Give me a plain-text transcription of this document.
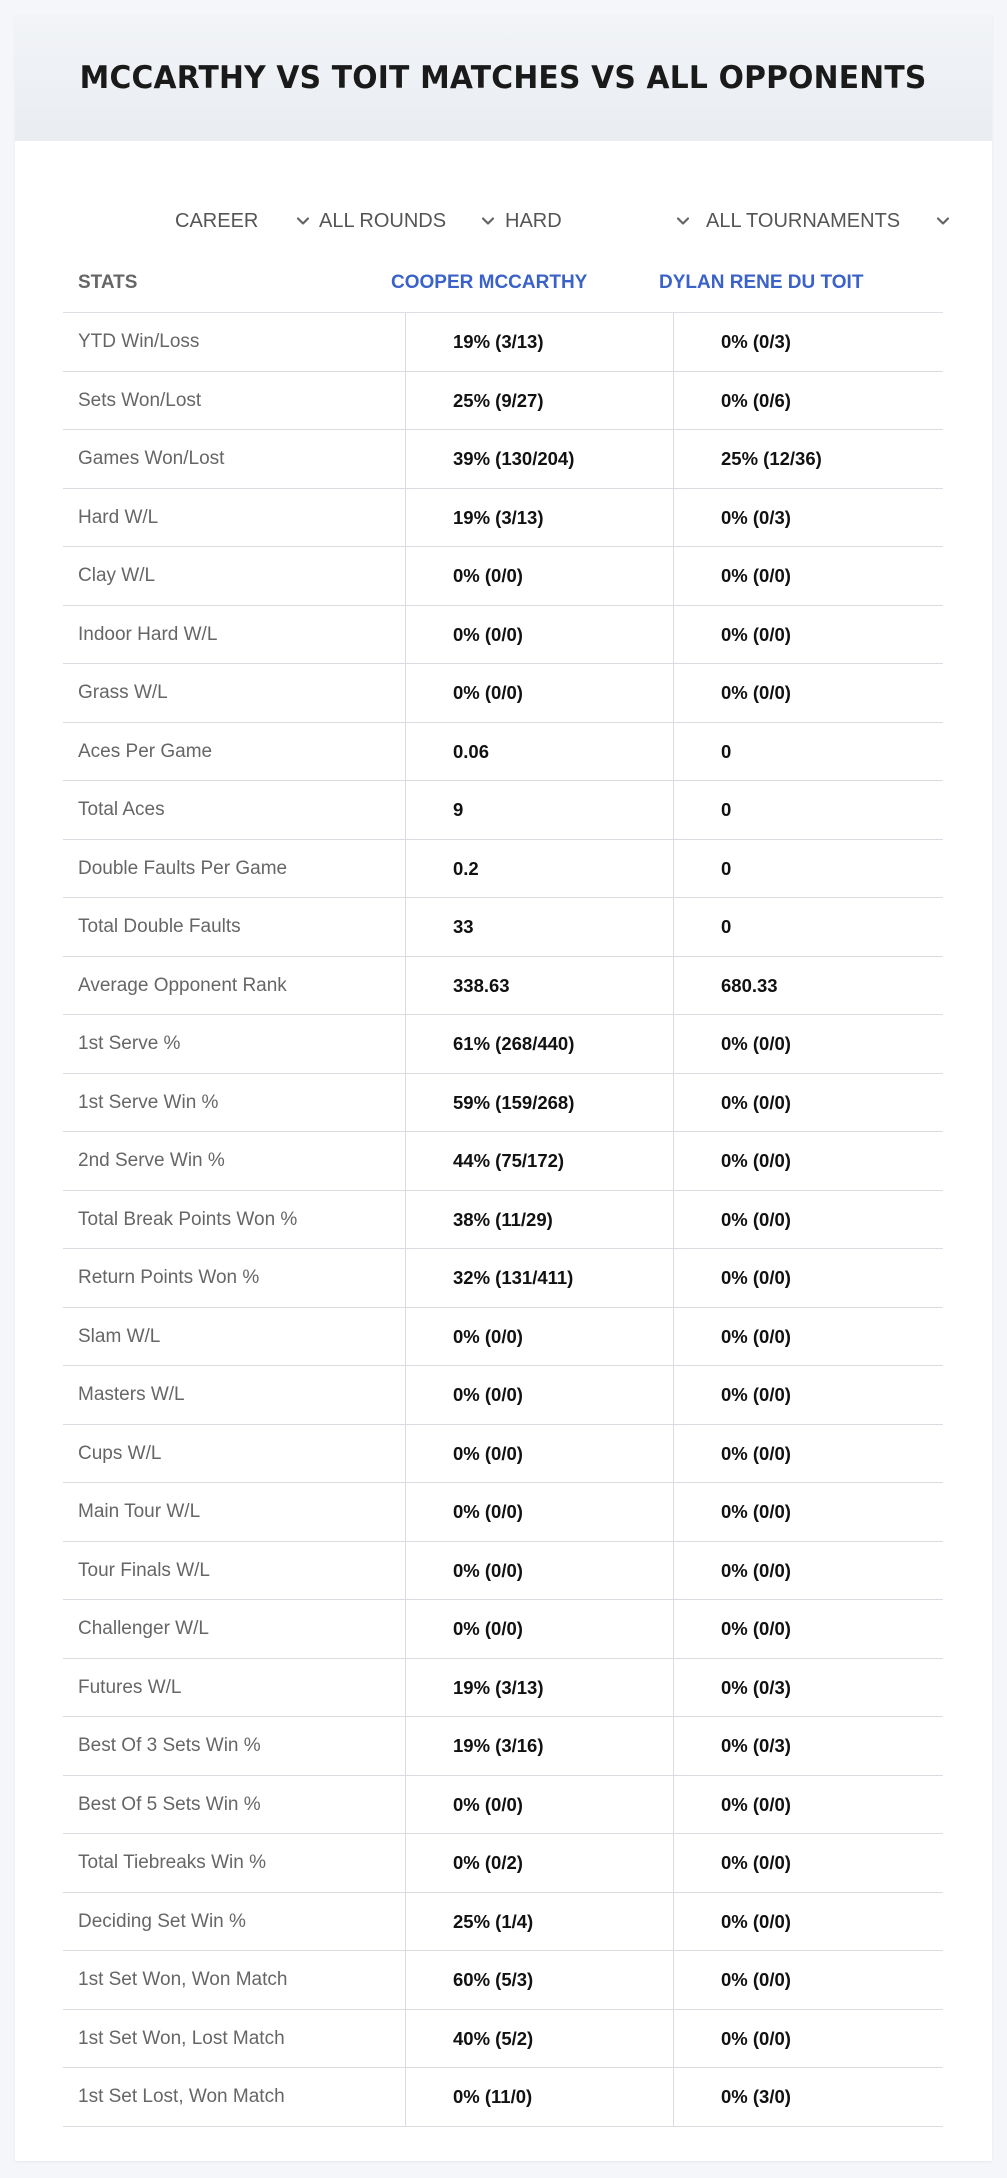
MCCARTHY VS TOIT MATCHES VS ALL OPPONENTS
CAREER	ALL ROUNDS	HARD	ALL TOURNAMENTS
STATS	COOPER MCCARTHY	DYLAN RENE DU TOIT
YTD Win/Loss	19% (3/13)	0% (0/3)
Sets Won/Lost	25% (9/27)	0% (0/6)
Games Won/Lost	39% (130/204)	25% (12/36)
Hard W/L	19% (3/13)	0% (0/3)
Clay W/L	0% (0/0)	0% (0/0)
Indoor Hard W/L	0% (0/0)	0% (0/0)
Grass W/L	0% (0/0)	0% (0/0)
Aces Per Game	0.06	0
Total Aces	9	0
Double Faults Per Game	0.2	0
Total Double Faults	33	0
Average Opponent Rank	338.63	680.33
1st Serve %	61% (268/440)	0% (0/0)
1st Serve Win %	59% (159/268)	0% (0/0)
2nd Serve Win %	44% (75/172)	0% (0/0)
Total Break Points Won %	38% (11/29)	0% (0/0)
Return Points Won %	32% (131/411)	0% (0/0)
Slam W/L	0% (0/0)	0% (0/0)
Masters W/L	0% (0/0)	0% (0/0)
Cups W/L	0% (0/0)	0% (0/0)
Main Tour W/L	0% (0/0)	0% (0/0)
Tour Finals W/L	0% (0/0)	0% (0/0)
Challenger W/L	0% (0/0)	0% (0/0)
Futures W/L	19% (3/13)	0% (0/3)
Best Of 3 Sets Win %	19% (3/16)	0% (0/3)
Best Of 5 Sets Win %	0% (0/0)	0% (0/0)
Total Tiebreaks Win %	0% (0/2)	0% (0/0)
Deciding Set Win %	25% (1/4)	0% (0/0)
1st Set Won, Won Match	60% (5/3)	0% (0/0)
1st Set Won, Lost Match	40% (5/2)	0% (0/0)
1st Set Lost, Won Match	0% (11/0)	0% (3/0)
